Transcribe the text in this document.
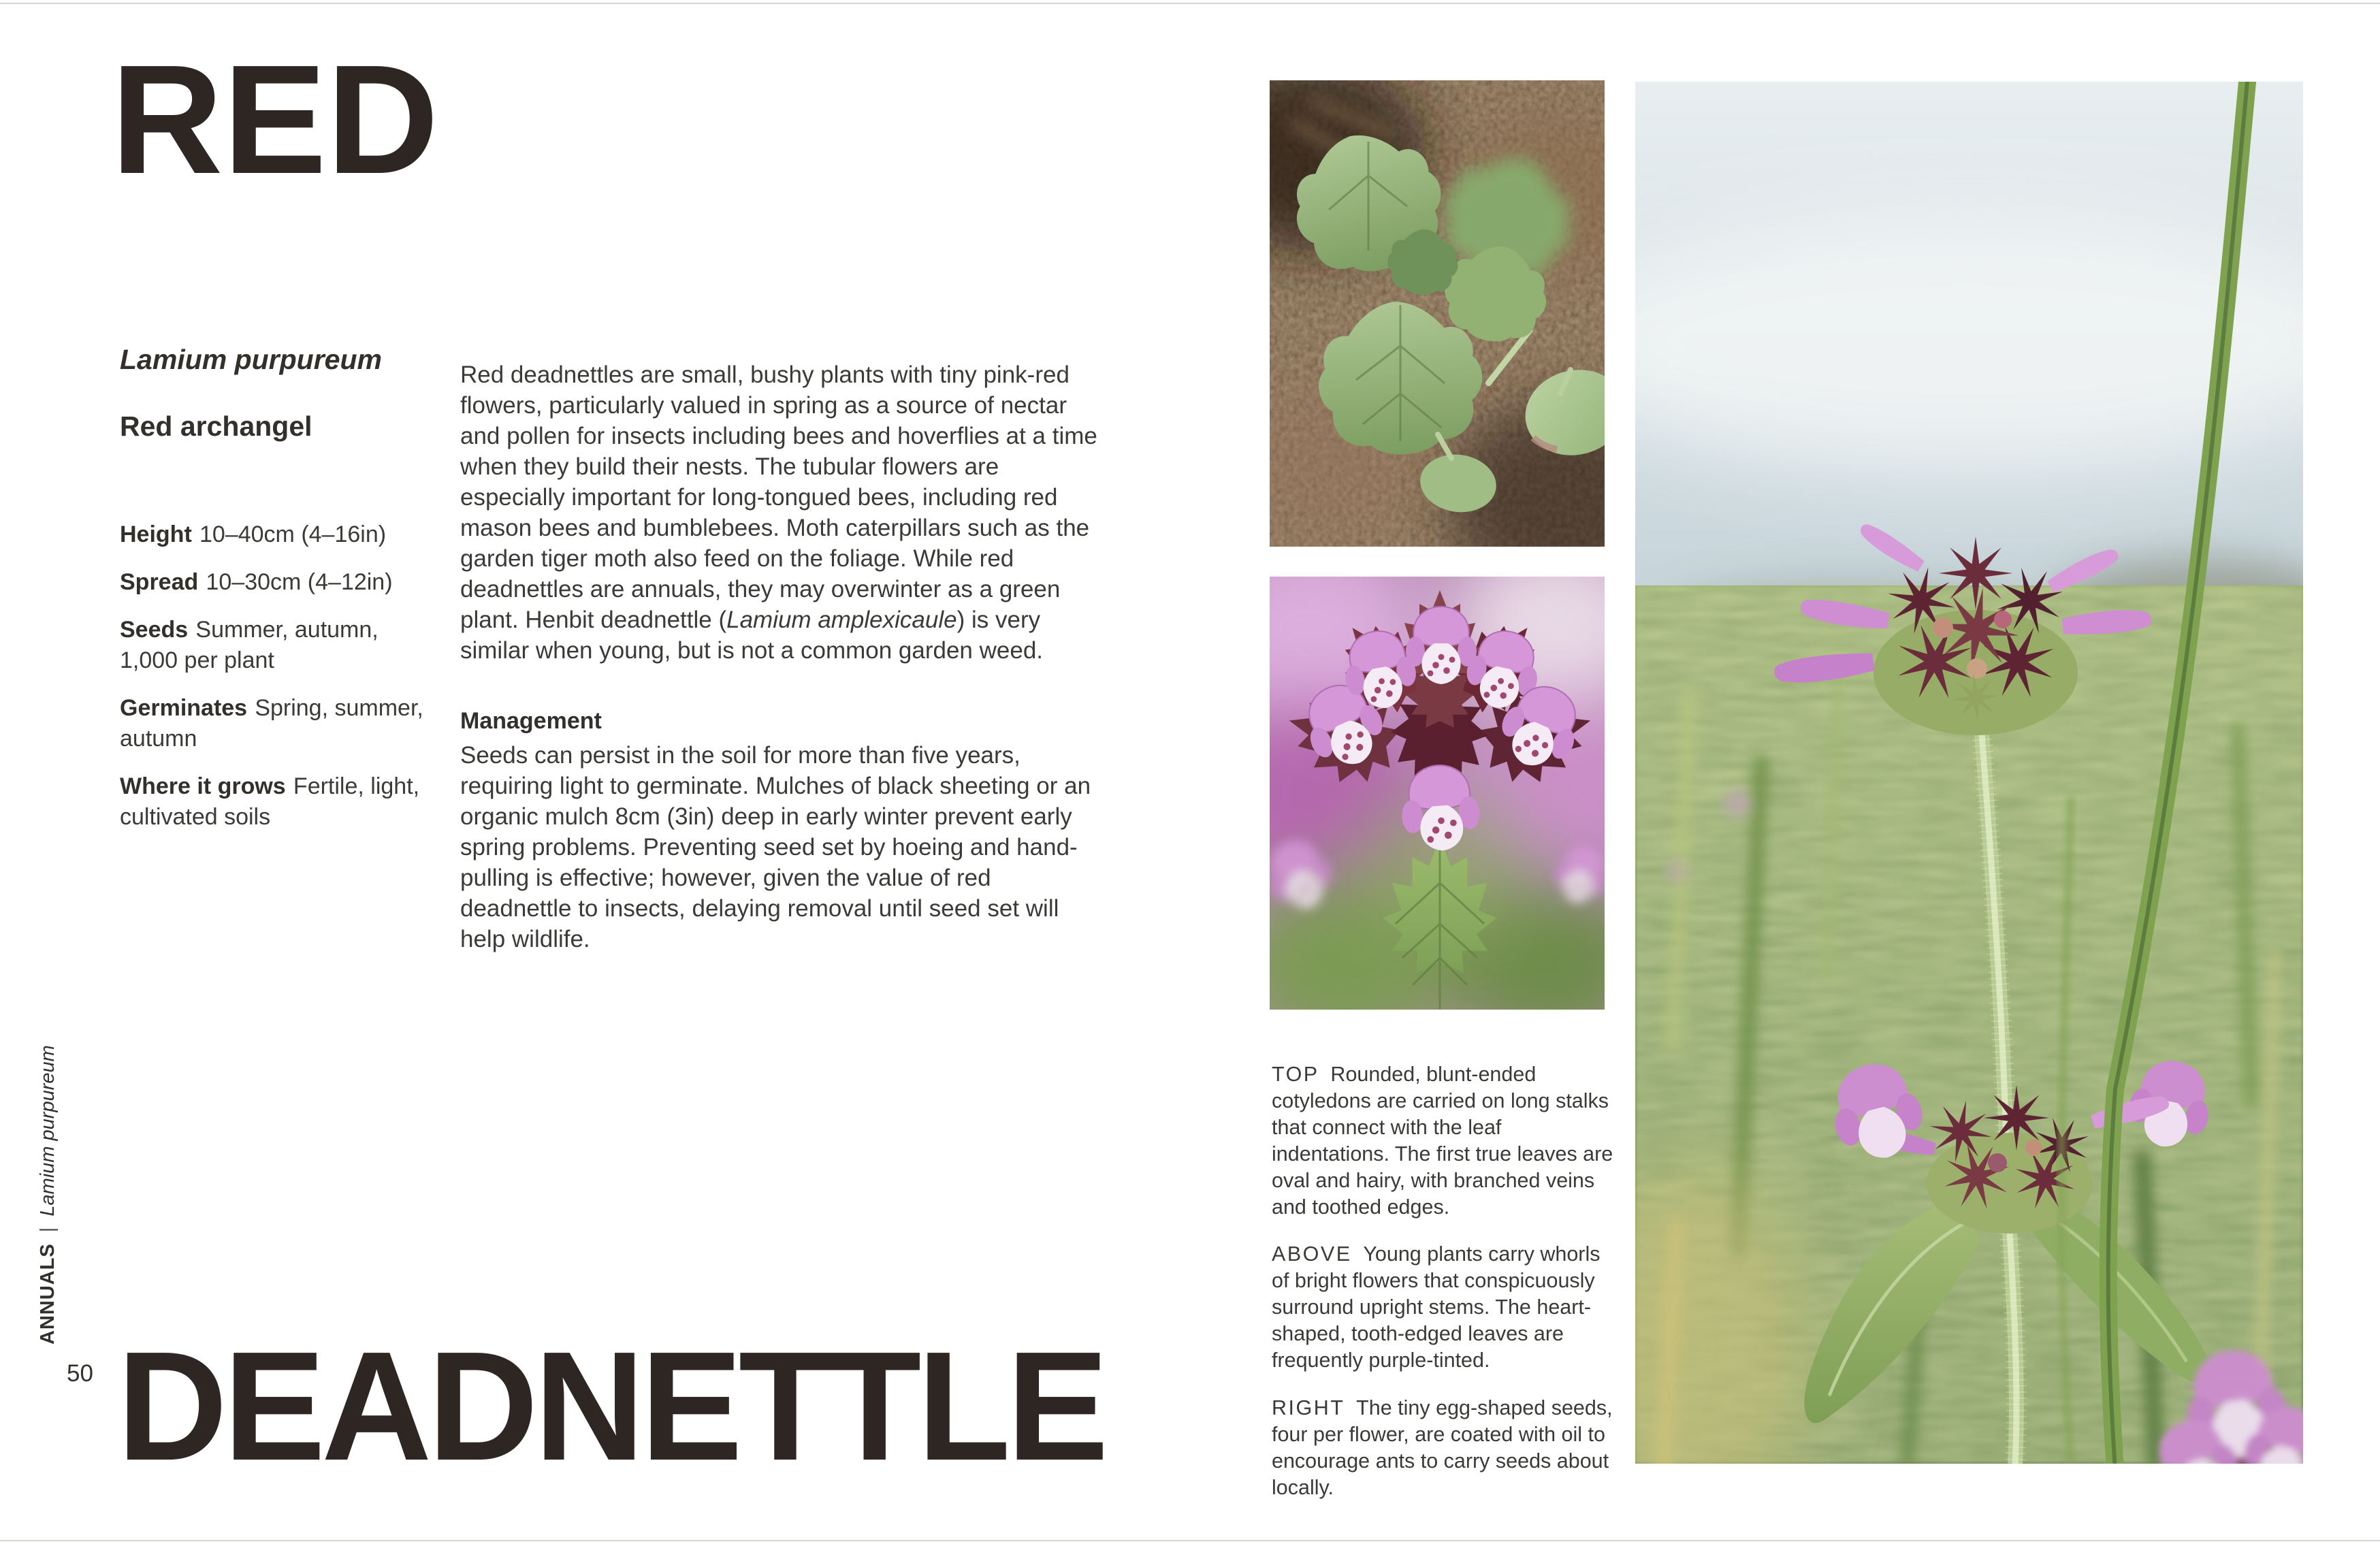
RED

Lamium purpureum

Red archangel

Height 10–40cm (4–16in)
Spread 10–30cm (4–12in)
Seeds Summer, autumn, 1,000 per plant
Germinates Spring, summer, autumn
Where it grows Fertile, light, cultivated soils

Red deadnettles are small, bushy plants with tiny pink-red flowers, particularly valued in spring as a source of nectar and pollen for insects including bees and hoverflies at a time when they build their nests. The tubular flowers are especially important for long-tongued bees, including red mason bees and bumblebees. Moth caterpillars such as the garden tiger moth also feed on the foliage. While red deadnettles are annuals, they may overwinter as a green plant. Henbit deadnettle (Lamium amplexicaule) is very similar when young, but is not a common garden weed.

Management

Seeds can persist in the soil for more than five years, requiring light to germinate. Mulches of black sheeting or an organic mulch 8cm (3in) deep in early winter prevent early spring problems. Preventing seed set by hoeing and hand-pulling is effective; however, given the value of red deadnettle to insects, delaying removal until seed set will help wildlife.

TOP Rounded, blunt-ended cotyledons are carried on long stalks that connect with the leaf indentations. The first true leaves are oval and hairy, with branched veins and toothed edges.

ABOVE Young plants carry whorls of bright flowers that conspicuously surround upright stems. The heart-shaped, tooth-edged leaves are frequently purple-tinted.

RIGHT The tiny egg-shaped seeds, four per flower, are coated with oil to encourage ants to carry seeds about locally.

ANNUALS|Lamium purpureum
50 DEADNETTLE
